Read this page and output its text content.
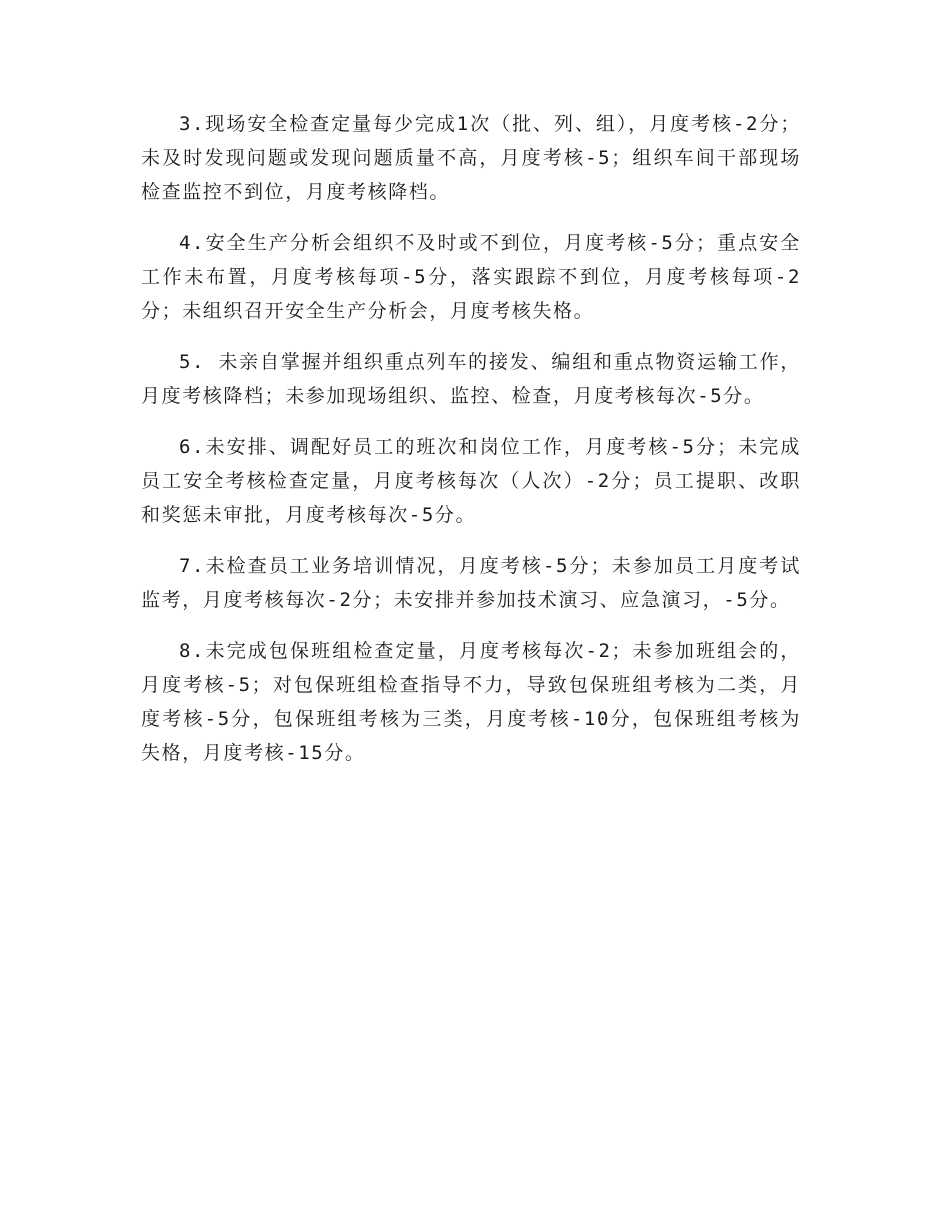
3.现场安全检查定量每少完成1次（批、列、组），月度考核-2分；未及时发现问题或发现问题质量不高，月度考核-5；组织车间干部现场检查监控不到位，月度考核降档。

4.安全生产分析会组织不及时或不到位，月度考核-5分；重点安全工作未布置，月度考核每项-5分，落实跟踪不到位，月度考核每项-2分；未组织召开安全生产分析会，月度考核失格。

5. 未亲自掌握并组织重点列车的接发、编组和重点物资运输工作，月度考核降档；未参加现场组织、监控、检查，月度考核每次-5分。

6.未安排、调配好员工的班次和岗位工作，月度考核-5分；未完成员工安全考核检查定量，月度考核每次（人次）-2分；员工提职、改职和奖惩未审批，月度考核每次-5分。

7.未检查员工业务培训情况，月度考核-5分；未参加员工月度考试监考，月度考核每次-2分；未安排并参加技术演习、应急演习，-5分。

8.未完成包保班组检查定量，月度考核每次-2；未参加班组会的，月度考核-5；对包保班组检查指导不力，导致包保班组考核为二类，月度考核-5分，包保班组考核为三类，月度考核-10分，包保班组考核为失格，月度考核-15分。
